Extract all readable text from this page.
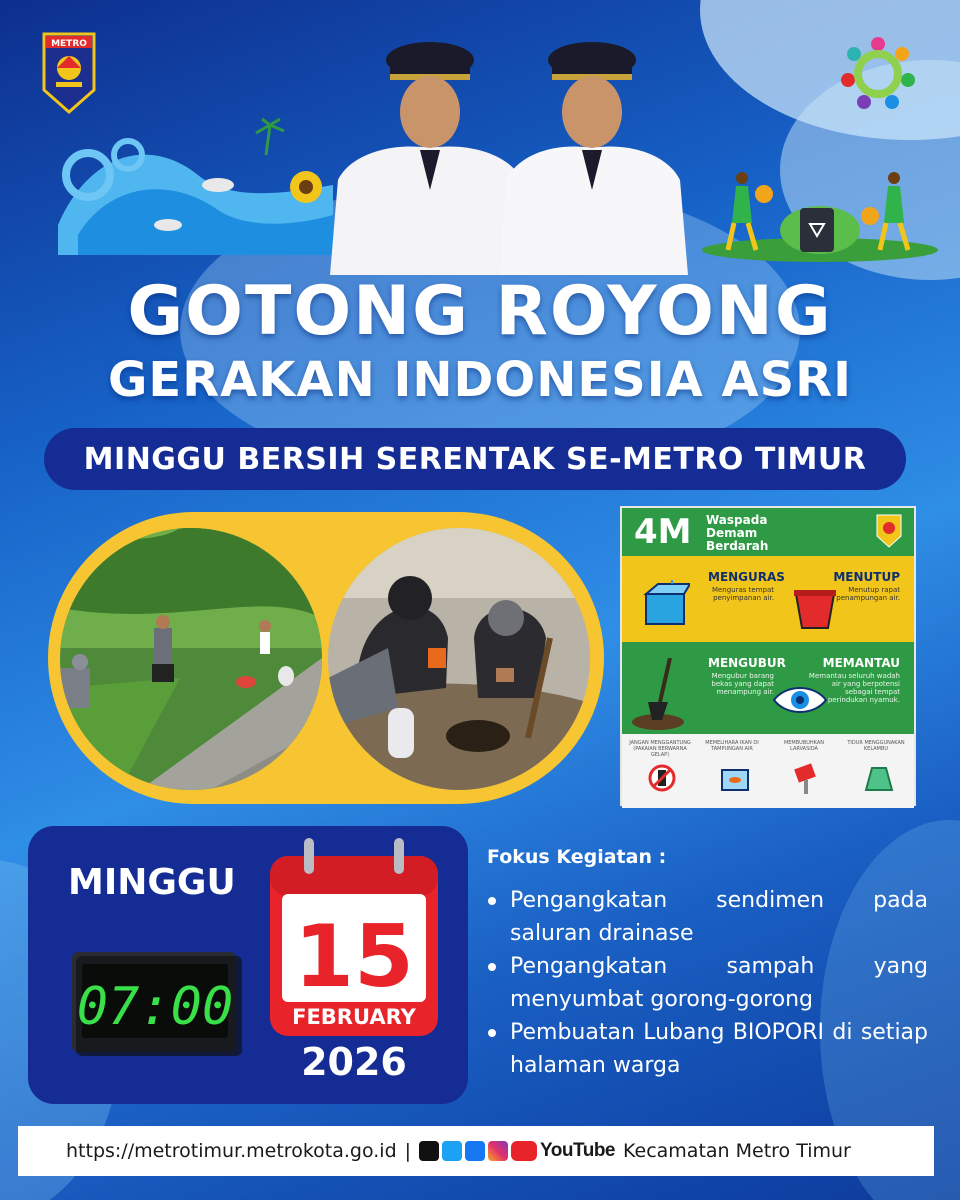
METRO
GOTONG ROYONG
GERAKAN INDONESIA ASRI
MINGGU BERSIH SERENTAK SE-METRO TIMUR
4M Waspada Demam Berdarah
MENGURAS
Menguras tempat penyimpanan air.
MENUTUP
Menutup rapat penampungan air.
MENGUBUR
Mengubur barang bekas yang dapat menampung air.
MEMANTAU
Memantau seluruh wadah air yang berpotensi sebagai tempat perindukan nyamuk.
JANGAN MENGGANTUNG (PAKAIAN BERWARNA GELAP)
MEMELIHARA IKAN DI TAMPUNGAN AIR
MEMBUBUHKAN LARVASIDA
TIDUR MENGGUNAKAN KELAMBU
MINGGU
07:00 15
FEBRUARY
2026
Fokus Kegiatan :
Pengangkatan sendimen pada saluran drainase
Pengangkatan sampah yang menyumbat gorong-gorong
Pembuatan Lubang BIOPORI di setiap halaman warga
https://metrotimur.metrokota.go.id |	YouTube Kecamatan Metro Timur
